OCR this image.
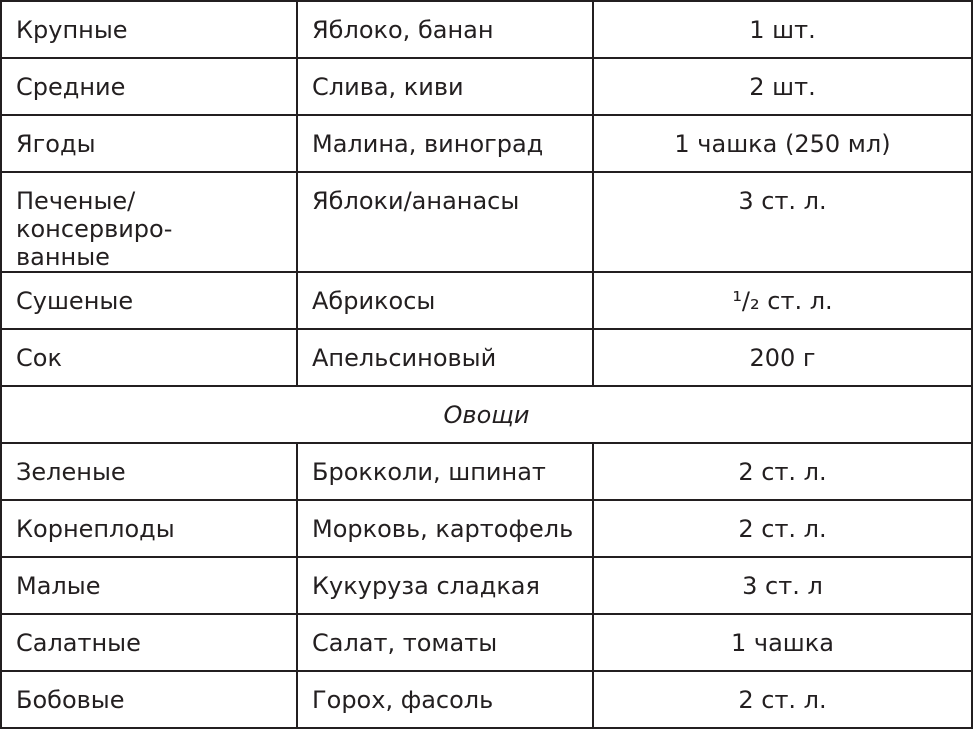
Крупные	Яблоко, банан	1 шт.
Средние	Слива, киви	2 шт.
Ягоды	Малина, виноград	1 чашка (250 мл)
Печеные/консервиро-
ванные	Яблоки/ананасы	3 ст. л.
Сушеные	Абрикосы	¹/₂ ст. л.
Сок	Апельсиновый	200 г
Овощи		
Зеленые	Брокколи, шпинат	2 ст. л.
Корнеплоды	Морковь, картофель	2 ст. л.
Малые	Кукуруза сладкая	3 ст. л
Салатные	Салат, томаты	1 чашка
Бобовые	Горох, фасоль	2 ст. л.
